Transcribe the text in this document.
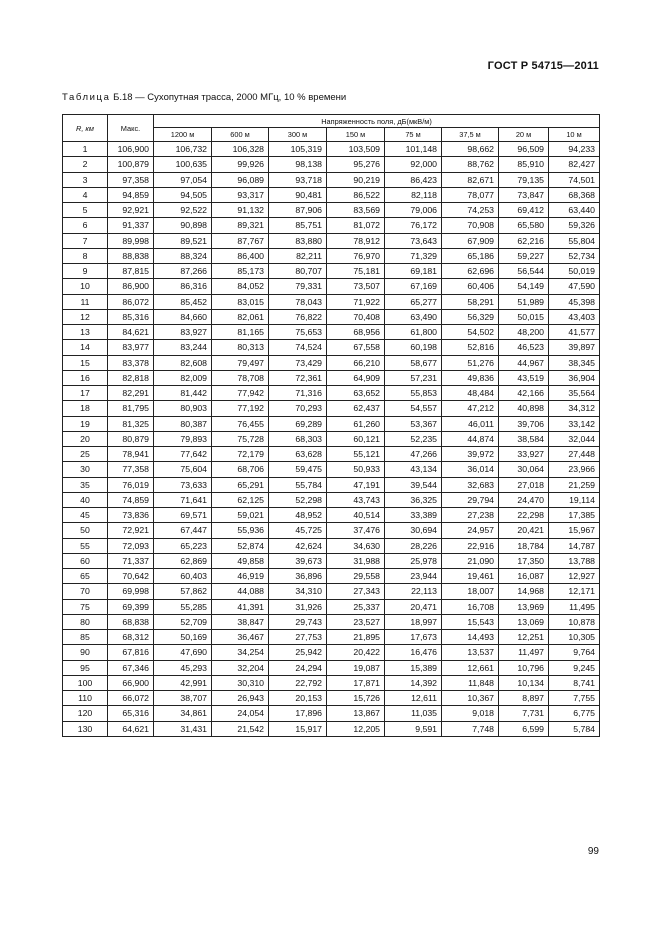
ГОСТ Р 54715—2011
Таблица Б.18 — Сухопутная трасса, 2000 МГц, 10 % времени
R, км	Макс.	Напряженность поля, дБ(мкВ/м)							
		1200 м	600 м	300 м	150 м	75 м	37,5 м	20 м	10 м
1	106,900	106,732	106,328	105,319	103,509	101,148	98,662	96,509	94,233
2	100,879	100,635	99,926	98,138	95,276	92,000	88,762	85,910	82,427
3	97,358	97,054	96,089	93,718	90,219	86,423	82,671	79,135	74,501
4	94,859	94,505	93,317	90,481	86,522	82,118	78,077	73,847	68,368
5	92,921	92,522	91,132	87,906	83,569	79,006	74,253	69,412	63,440
6	91,337	90,898	89,321	85,751	81,072	76,172	70,908	65,580	59,326
7	89,998	89,521	87,767	83,880	78,912	73,643	67,909	62,216	55,804
8	88,838	88,324	86,400	82,211	76,970	71,329	65,186	59,227	52,734
9	87,815	87,266	85,173	80,707	75,181	69,181	62,696	56,544	50,019
10	86,900	86,316	84,052	79,331	73,507	67,169	60,406	54,149	47,590
11	86,072	85,452	83,015	78,043	71,922	65,277	58,291	51,989	45,398
12	85,316	84,660	82,061	76,822	70,408	63,490	56,329	50,015	43,403
13	84,621	83,927	81,165	75,653	68,956	61,800	54,502	48,200	41,577
14	83,977	83,244	80,313	74,524	67,558	60,198	52,816	46,523	39,897
15	83,378	82,608	79,497	73,429	66,210	58,677	51,276	44,967	38,345
16	82,818	82,009	78,708	72,361	64,909	57,231	49,836	43,519	36,904
17	82,291	81,442	77,942	71,316	63,652	55,853	48,484	42,166	35,564
18	81,795	80,903	77,192	70,293	62,437	54,557	47,212	40,898	34,312
19	81,325	80,387	76,455	69,289	61,260	53,367	46,011	39,706	33,142
20	80,879	79,893	75,728	68,303	60,121	52,235	44,874	38,584	32,044
25	78,941	77,642	72,179	63,628	55,121	47,266	39,972	33,927	27,448
30	77,358	75,604	68,706	59,475	50,933	43,134	36,014	30,064	23,966
35	76,019	73,633	65,291	55,784	47,191	39,544	32,683	27,018	21,259
40	74,859	71,641	62,125	52,298	43,743	36,325	29,794	24,470	19,114
45	73,836	69,571	59,021	48,952	40,514	33,389	27,238	22,298	17,385
50	72,921	67,447	55,936	45,725	37,476	30,694	24,957	20,421	15,967
55	72,093	65,223	52,874	42,624	34,630	28,226	22,916	18,784	14,787
60	71,337	62,869	49,858	39,673	31,988	25,978	21,090	17,350	13,788
65	70,642	60,403	46,919	36,896	29,558	23,944	19,461	16,087	12,927
70	69,998	57,862	44,088	34,310	27,343	22,113	18,007	14,968	12,171
75	69,399	55,285	41,391	31,926	25,337	20,471	16,708	13,969	11,495
80	68,838	52,709	38,847	29,743	23,527	18,997	15,543	13,069	10,878
85	68,312	50,169	36,467	27,753	21,895	17,673	14,493	12,251	10,305
90	67,816	47,690	34,254	25,942	20,422	16,476	13,537	11,497	9,764
95	67,346	45,293	32,204	24,294	19,087	15,389	12,661	10,796	9,245
100	66,900	42,991	30,310	22,792	17,871	14,392	11,848	10,134	8,741
110	66,072	38,707	26,943	20,153	15,726	12,611	10,367	8,897	7,755
120	65,316	34,861	24,054	17,896	13,867	11,035	9,018	7,731	6,775
130	64,621	31,431	21,542	15,917	12,205	9,591	7,748	6,599	5,784
99
